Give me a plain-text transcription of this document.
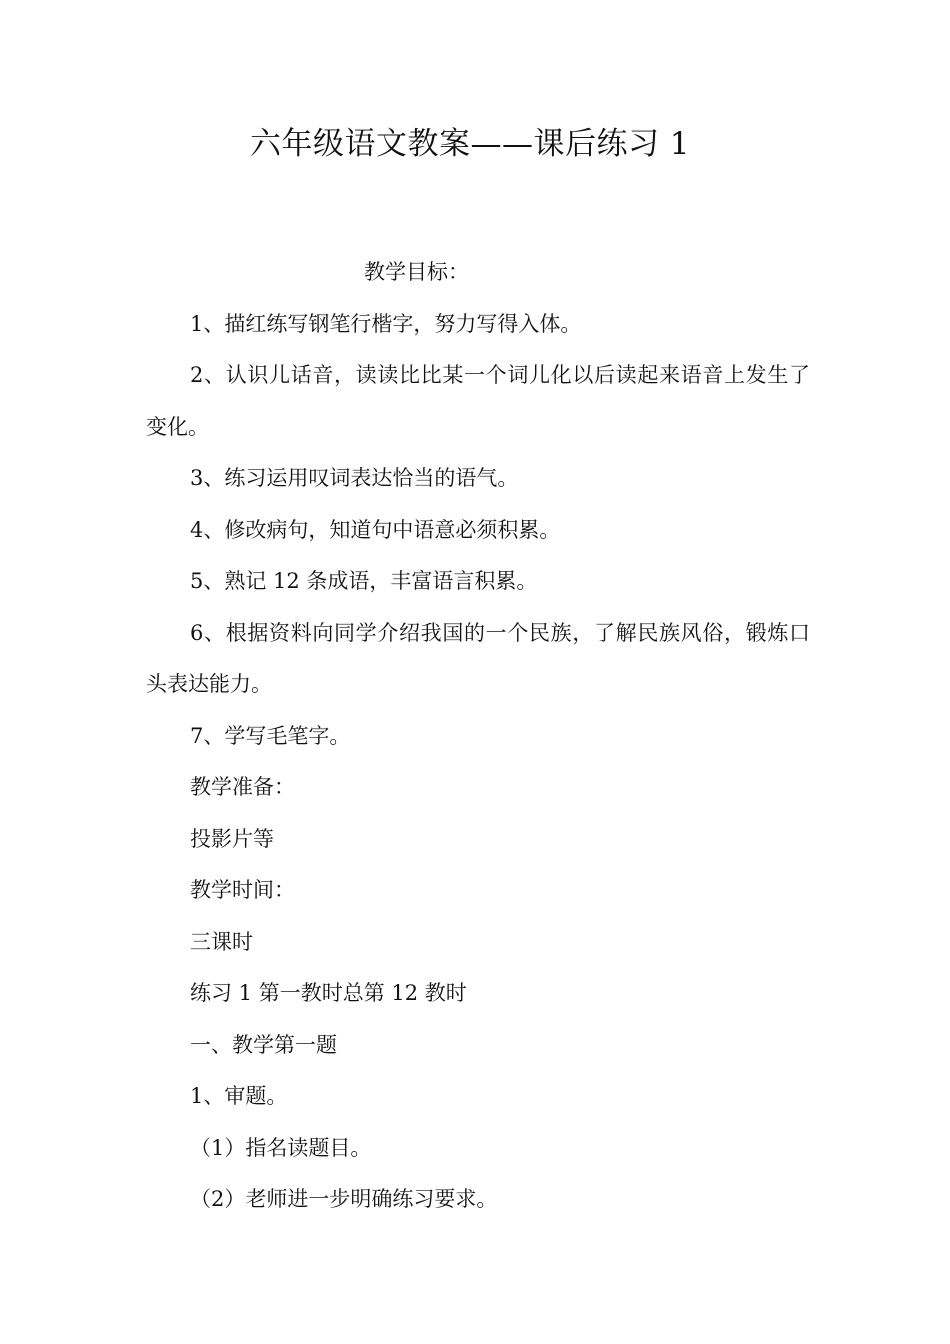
六年级语文教案——课后练习 1

教学目标：

1、描红练写钢笔行楷字，努力写得入体。

2、认识儿话音，读读比比某一个词儿化以后读起来语音上发生了变化。

3、练习运用叹词表达恰当的语气。

4、修改病句，知道句中语意必须积累。

5、熟记 12 条成语，丰富语言积累。

6、根据资料向同学介绍我国的一个民族，了解民族风俗，锻炼口头表达能力。

7、学写毛笔字。

教学准备：

投影片等

教学时间：

三课时

练习 1 第一教时总第 12 教时

一、教学第一题

1、审题。

（1）指名读题目。

（2）老师进一步明确练习要求。
